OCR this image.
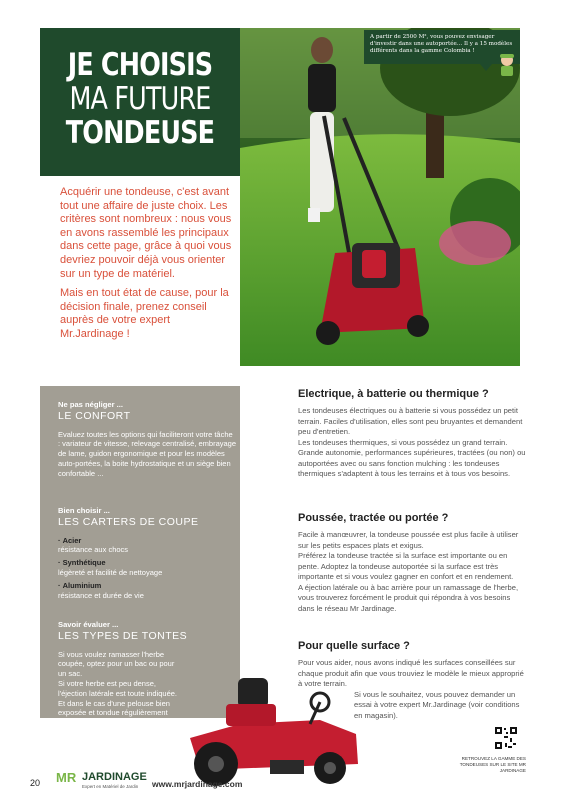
JE CHOISIS
MA FUTURE
TONDEUSE
A partir de 2500 M², vous pouvez envisager d'investir dans une autoportée... Il y a 15 modèles différents dans la gamme Colombia !

Acquérir une tondeuse, c'est avant tout une affaire de juste choix. Les critères sont nombreux : nous vous en avons rassemblé les principaux dans cette page, grâce à quoi vous devriez pouvoir déjà vous orienter sur un type de matériel.

Mais en tout état de cause, pour la décision finale, prenez conseil auprès de votre expert Mr.Jardinage !

Ne pas négliger ...
LE CONFORT
Evaluez toutes les options qui faciliteront votre tâche : variateur de vitesse, relevage centralisé, embrayage de lame, guidon ergonomique et pour les modèles auto-portées, la boite hydrostatique et un siège bien confortable ...
Bien choisir ...
LES CARTERS DE COUPE
· Acier
résistance aux chocs
· Synthétique
légèreté et facilité de nettoyage
· Aluminium
résistance et durée de vie
Savoir évaluer ...
LES TYPES DE TONTES
Si vous voulez ramasser l'herbe coupée, optez pour un bac ou pour un sac.
Si votre herbe est peu dense, l'éjection latérale est toute indiquée.
Et dans le cas d'une pelouse bien exposée et tondue régulièrement ayez recours au mulching.
Electrique, à batterie ou thermique ?
Les tondeuses électriques ou à batterie si vous possédez un petit terrain. Faciles d'utilisation, elles sont peu bruyantes et demandent peu d'entretien.
Les tondeuses thermiques, si vous possédez un grand terrain. Grande autonomie, performances supérieures, tractées (ou non) ou autoportées avec ou sans fonction mulching : les tondeuses thermiques s'adaptent à tous les terrains et à tous vos besoins.
Poussée, tractée ou portée ?
Facile à manœuvrer, la tondeuse poussée est plus facile à utiliser sur les petits espaces plats et exigus.
Préférez la tondeuse tractée si la surface est importante ou en pente. Adoptez la tondeuse autoportée si la surface est très importante et si vous voulez gagner en confort et en rendement.
A éjection latérale ou à bac arrière pour un ramassage de l'herbe, vous trouverez forcément le produit qui répondra à vos besoins dans le réseau Mr Jardinage.
Pour quelle surface ?
Pour vous aider, nous avons indiqué les surfaces conseillées sur chaque produit afin que vous trouviez le modèle le mieux approprié à votre terrain.
Si vous le souhaitez, vous pouvez demander un essai à votre expert Mr.Jardinage (voir conditions en magasin).
RETROUVEZ LA GAMME DES TONDEUSES SUR LE SITE MR JARDINAGE
20 MR JARDINAGE
Expert en Matériel de Jardin www.mrjardinage.com
